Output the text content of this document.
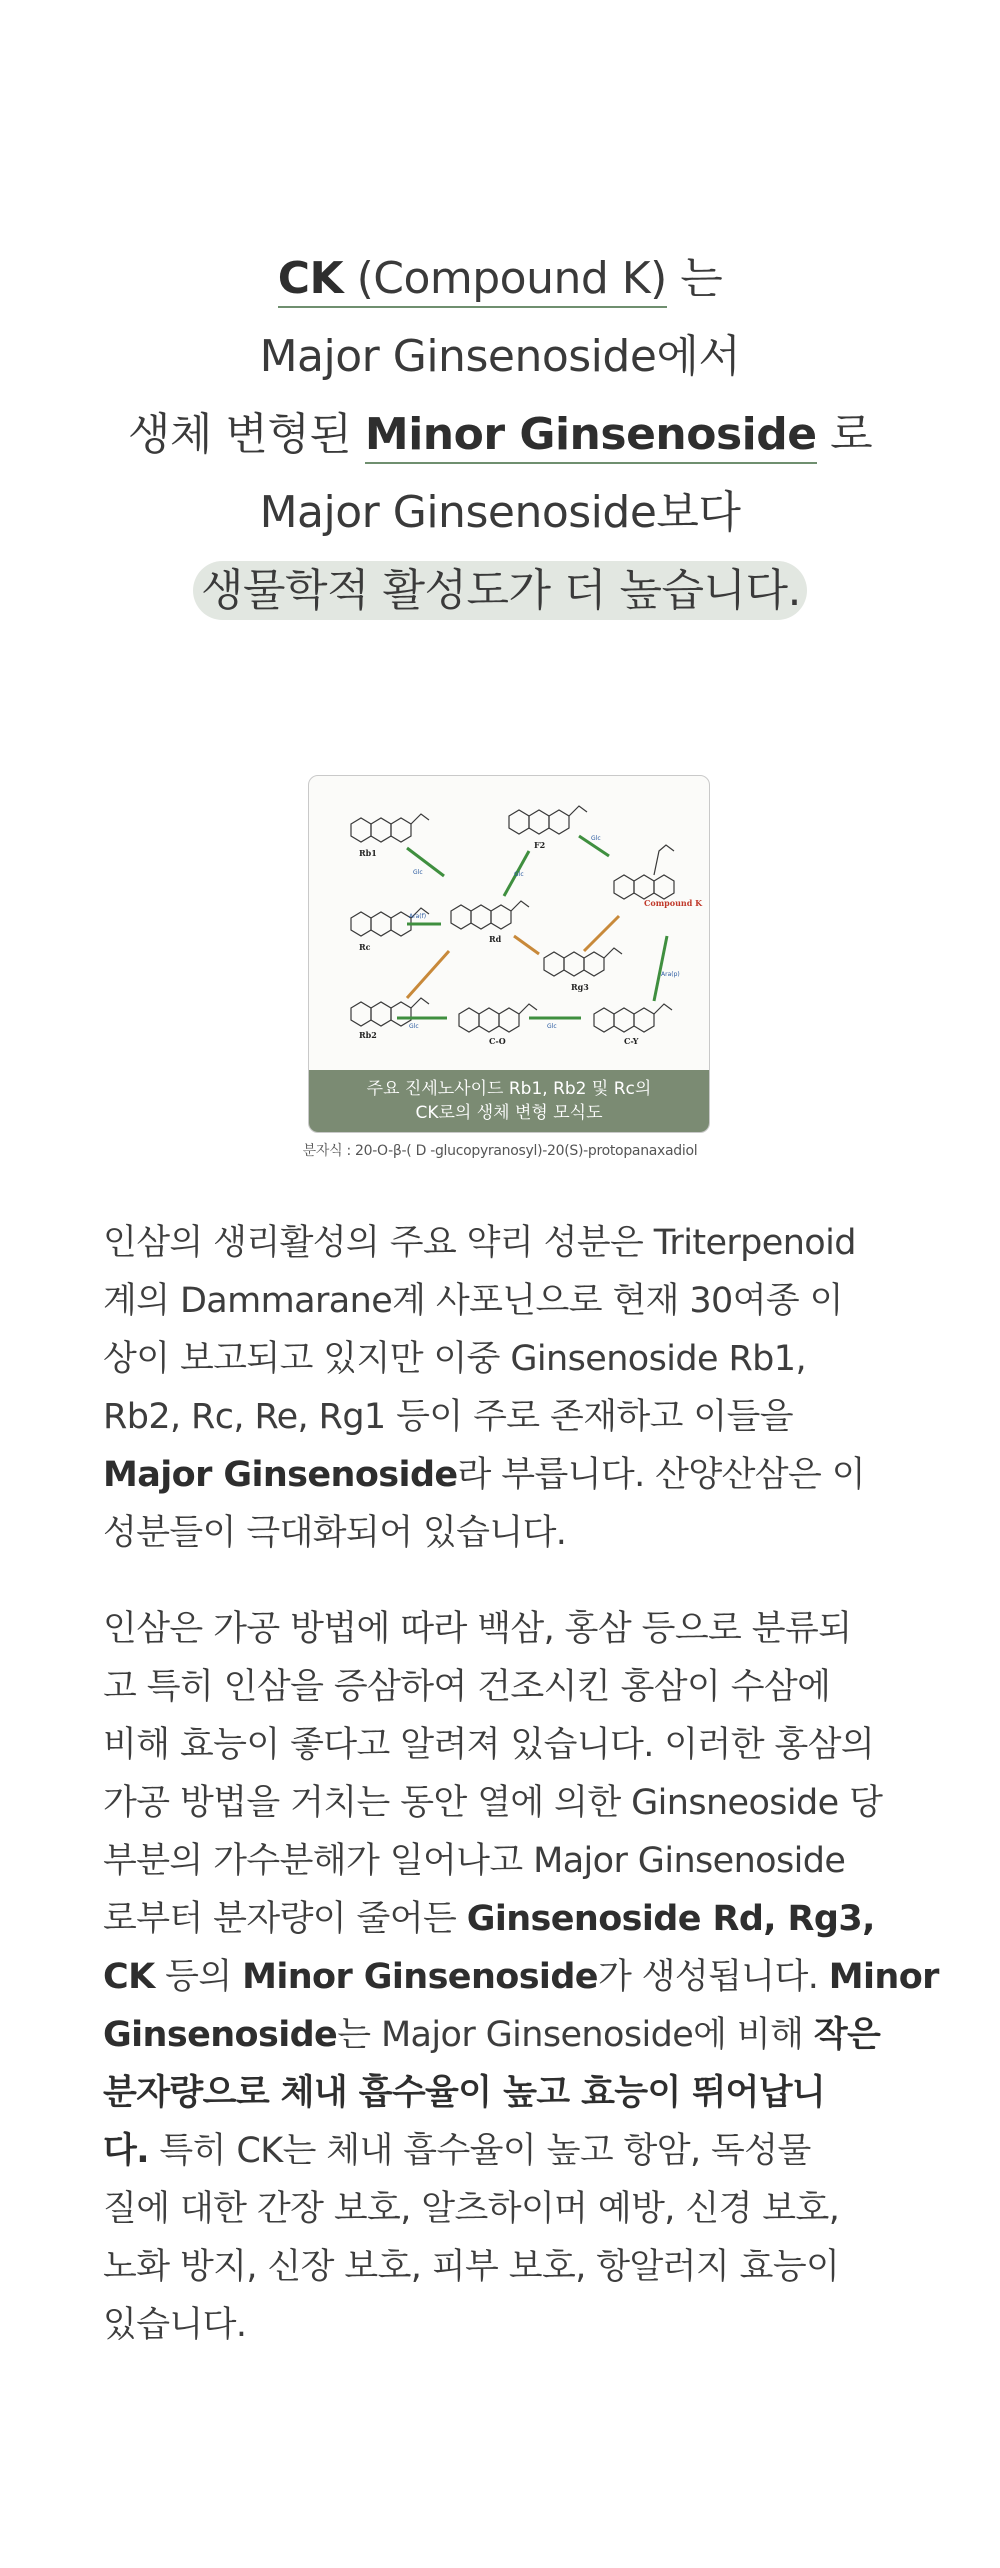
CK (Compound K) 는
Major Ginsenoside에서
생체 변형된 Minor Ginsenoside 로
Major Ginsenoside보다
생물학적 활성도가 더 높습니다.
Rb1
Rc
Rb2
F2
Rd
Rg3
C-O	C-Y
Compound K
Glc
Ara(f)
Glc
Glc
Glc	Glc
Ara(p)
주요 진세노사이드 Rb1, Rb2 및 Rc의
CK로의 생체 변형 모식도
분자식 : 20-O-β-( D -glucopyranosyl)-20(S)-protopanaxadiol
인삼의 생리활성의 주요 약리 성분은 Triterpenoid
계의 Dammarane계 사포닌으로 현재 30여종 이
상이 보고되고 있지만 이중 Ginsenoside Rb1,
Rb2, Rc, Re, Rg1 등이 주로 존재하고 이들을
Major Ginsenoside라 부릅니다. 산양산삼은 이
성분들이 극대화되어 있습니다.
인삼은 가공 방법에 따라 백삼, 홍삼 등으로 분류되
고 특히 인삼을 증삼하여 건조시킨 홍삼이 수삼에
비해 효능이 좋다고 알려져 있습니다. 이러한 홍삼의
가공 방법을 거치는 동안 열에 의한 Ginsneoside 당
부분의 가수분해가 일어나고 Major Ginsenoside
로부터 분자량이 줄어든 Ginsenoside Rd, Rg3,
CK 등의 Minor Ginsenoside가 생성됩니다. Minor
Ginsenoside는 Major Ginsenoside에 비해 작은
분자량으로 체내 흡수율이 높고 효능이 뛰어납니
다. 특히 CK는 체내 흡수율이 높고 항암, 독성물
질에 대한 간장 보호, 알츠하이머 예방, 신경 보호,
노화 방지, 신장 보호, 피부 보호, 항알러지 효능이
있습니다.
